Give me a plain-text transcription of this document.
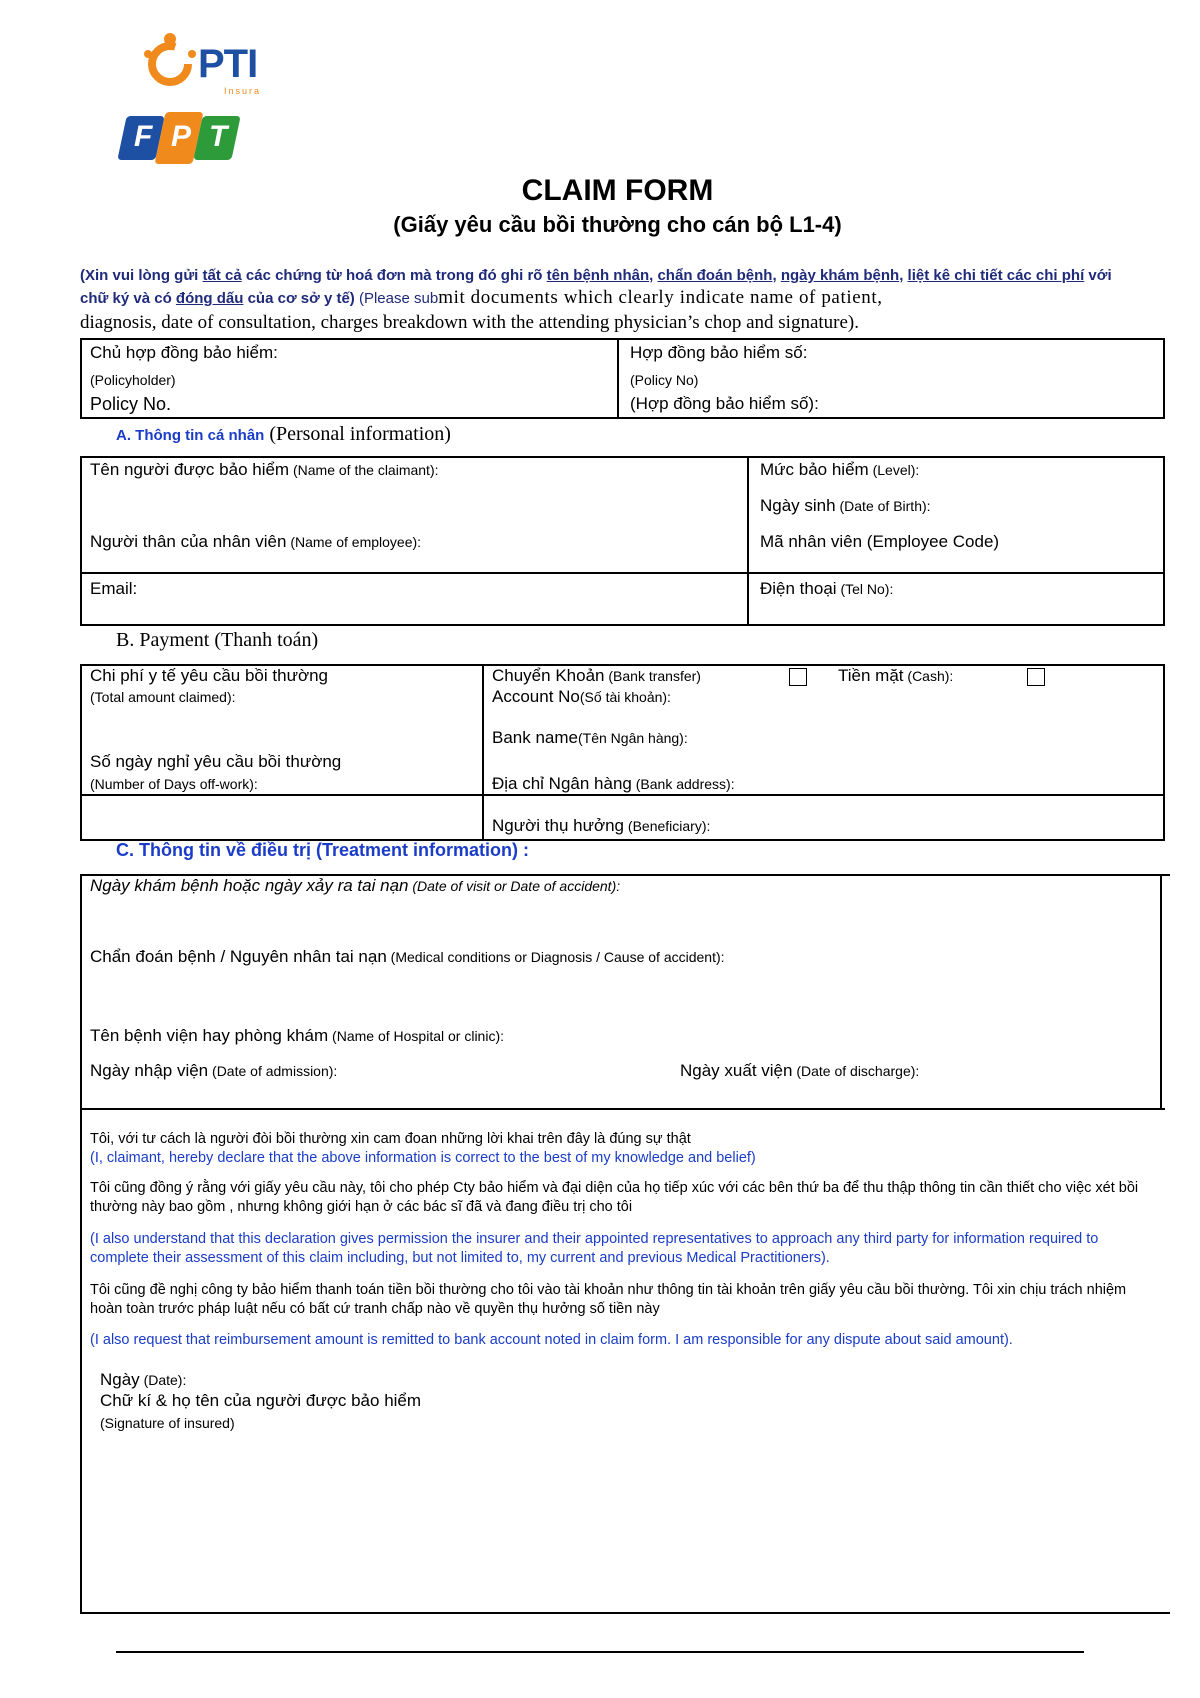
PTI
Insura
F P T
CLAIM FORM
(Giấy yêu cầu bồi thường cho cán bộ L1-4)
(Xin vui lòng gửi tất cả các chứng từ hoá đơn mà trong đó ghi rõ tên bệnh nhân, chẩn đoán bệnh, ngày khám bệnh, liệt kê chi tiết các chi phí với chữ ký và có đóng dấu của cơ sở y tế) (Please submit documents which clearly indicate name of patient,
diagnosis, date of consultation, charges breakdown with the attending physician’s chop and signature).
Chủ hợp đồng bảo hiểm:
(Policyholder)
Policy No.
Hợp đồng bảo hiểm số:
(Policy No)
(Hợp đồng bảo hiểm số):
A. Thông tin cá nhân (Personal information)
Tên người được bảo hiểm (Name of the claimant):
Người thân của nhân viên (Name of employee):
Email:
Mức bảo hiểm (Level):
Ngày sinh (Date of Birth):
Mã nhân viên (Employee Code)
Điện thoại (Tel No):
B. Payment (Thanh toán)
Chi phí y tế yêu cầu bồi thường
(Total amount claimed):
Số ngày nghỉ yêu cầu bồi thường
(Number of Days off-work):
Chuyển Khoản (Bank transfer)	Tiền mặt (Cash):
Account No(Số tài khoản):
Bank name(Tên Ngân hàng):
Địa chỉ Ngân hàng (Bank address):
Người thụ hưởng (Beneficiary):
C. Thông tin về điều trị (Treatment information) :
Ngày khám bệnh hoặc ngày xảy ra tai nạn (Date of visit or Date of accident):
Chẩn đoán bệnh / Nguyên nhân tai nạn (Medical conditions or Diagnosis / Cause of accident):
Tên bệnh viện hay phòng khám (Name of Hospital or clinic):
Ngày nhập viện (Date of admission):	Ngày xuất viện (Date of discharge):
Tôi, với tư cách là người đòi bồi thường xin cam đoan những lời khai trên đây là đúng sự thật
(I, claimant, hereby declare that the above information is correct to the best of my knowledge and belief)
Tôi cũng đồng ý rằng với giấy yêu cầu này, tôi cho phép Cty bảo hiểm và đại diện của họ tiếp xúc với các bên thứ ba để thu thập thông tin cần thiết cho việc xét bồi thường này bao gồm , nhưng không giới hạn ở các bác sĩ đã và đang điều trị cho tôi
(I also understand that this declaration gives permission the insurer and their appointed representatives to approach any third party for information required to complete their assessment of this claim including, but not limited to, my current and previous Medical Practitioners).
Tôi cũng đề nghị công ty bảo hiểm thanh toán tiền bồi thường cho tôi vào tài khoản như thông tin tài khoản trên giấy yêu cầu bồi thường. Tôi xin chịu trách nhiệm hoàn toàn trước pháp luật nếu có bất cứ tranh chấp nào về quyền thụ hưởng số tiền này
(I also request that reimbursement amount is remitted to bank account noted in claim form. I am responsible for any dispute about said amount).
Ngày (Date):
Chữ kí & họ tên của người được bảo hiểm
(Signature of insured)
